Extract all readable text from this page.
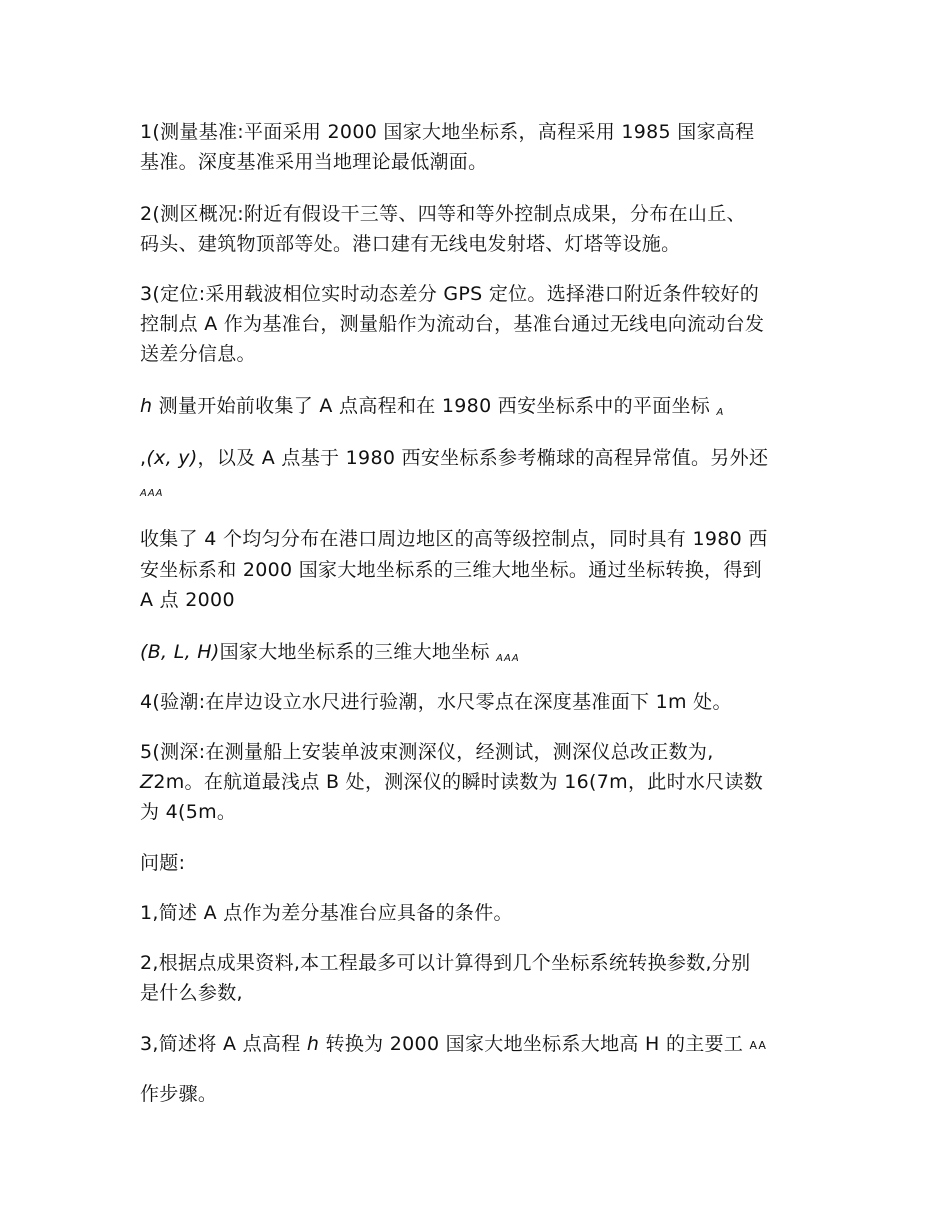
1(测量基准:平面采用 2000 国家大地坐标系，高程采用 1985 国家高程
基准。深度基准采用当地理论最低潮面。
2(测区概况:附近有假设干三等、四等和等外控制点成果，分布在山丘、
码头、建筑物顶部等处。港口建有无线电发射塔、灯塔等设施。
3(定位:采用载波相位实时动态差分 GPS 定位。选择港口附近条件较好的
控制点 A 作为基准台，测量船作为流动台，基准台通过无线电向流动台发
送差分信息。
h 测量开始前收集了 A 点高程和在 1980 西安坐标系中的平面坐标 A
,(x, y)，以及 A 点基于 1980 西安坐标系参考椭球的高程异常值。另外还
AAA
收集了 4 个均匀分布在港口周边地区的高等级控制点，同时具有 1980 西
安坐标系和 2000 国家大地坐标系的三维大地坐标。通过坐标转换，得到
A 点 2000
(B, L, H)国家大地坐标系的三维大地坐标 AAA
4(验潮:在岸边设立水尺进行验潮，水尺零点在深度基准面下 1m 处。
5(测深:在测量船上安装单波束测深仪，经测试，测深仪总改正数为,
Z2m。在航道最浅点 B 处，测深仪的瞬时读数为 16(7m，此时水尺读数
为 4(5m。
问题:
1,简述 A 点作为差分基准台应具备的条件。
2,根据点成果资料,本工程最多可以计算得到几个坐标系统转换参数,分别
是什么参数,
3,简述将 A 点高程 h 转换为 2000 国家大地坐标系大地高 H 的主要工 AA
作步骤。
